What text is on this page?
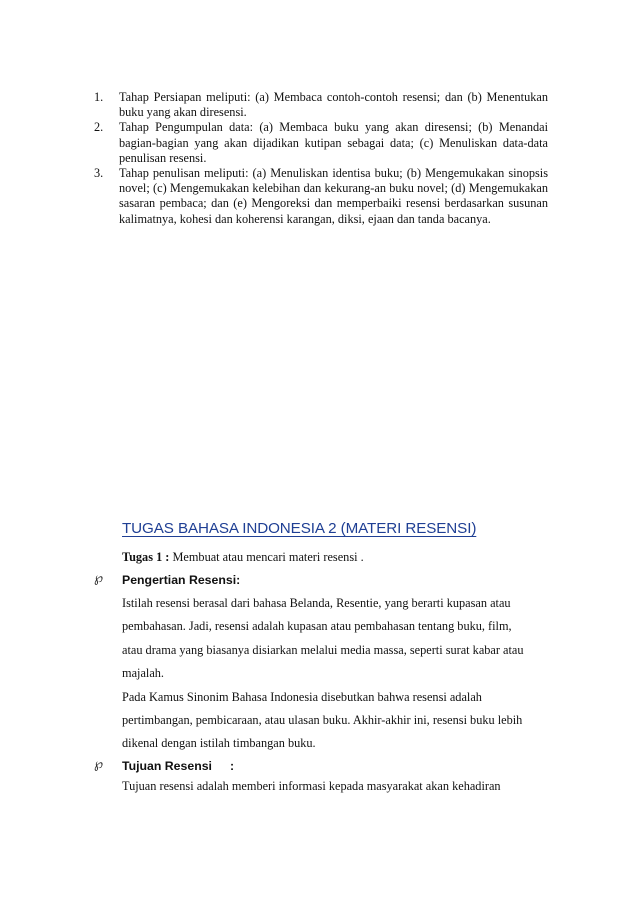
1.	Tahap Persiapan meliputi: (a) Membaca contoh-contoh resensi; dan (b) Menentukan buku yang akan diresensi.
2.	Tahap Pengumpulan data: (a) Membaca buku yang akan diresensi; (b) Menandai bagian-bagian yang akan dijadikan kutipan sebagai data; (c) Menuliskan data-data penulisan resensi.
3.	Tahap penulisan meliputi: (a) Menuliskan identisa buku; (b) Mengemukakan sinopsis novel; (c) Mengemukakan kelebihan dan kekurang-an buku novel; (d) Mengemukakan sasaran pembaca; dan (e) Mengoreksi dan memperbaiki resensi berdasarkan susunan kalimatnya, kohesi dan koherensi karangan, diksi, ejaan dan tanda bacanya.
TUGAS BAHASA INDONESIA 2 (MATERI RESENSI)
Tugas 1 : Membuat atau mencari materi resensi .
℘ Pengertian Resensi:

Istilah resensi berasal dari bahasa Belanda, Resentie, yang berarti kupasan atau

pembahasan. Jadi, resensi adalah kupasan atau pembahasan tentang buku, film,

atau drama yang biasanya disiarkan melalui media massa, seperti surat kabar atau

majalah.

Pada Kamus Sinonim Bahasa Indonesia disebutkan bahwa resensi adalah

pertimbangan, pembicaraan, atau ulasan buku. Akhir-akhir ini, resensi buku lebih

dikenal dengan istilah timbangan buku.

℘ Tujuan Resensi :

Tujuan resensi adalah memberi informasi kepada masyarakat akan kehadiran
